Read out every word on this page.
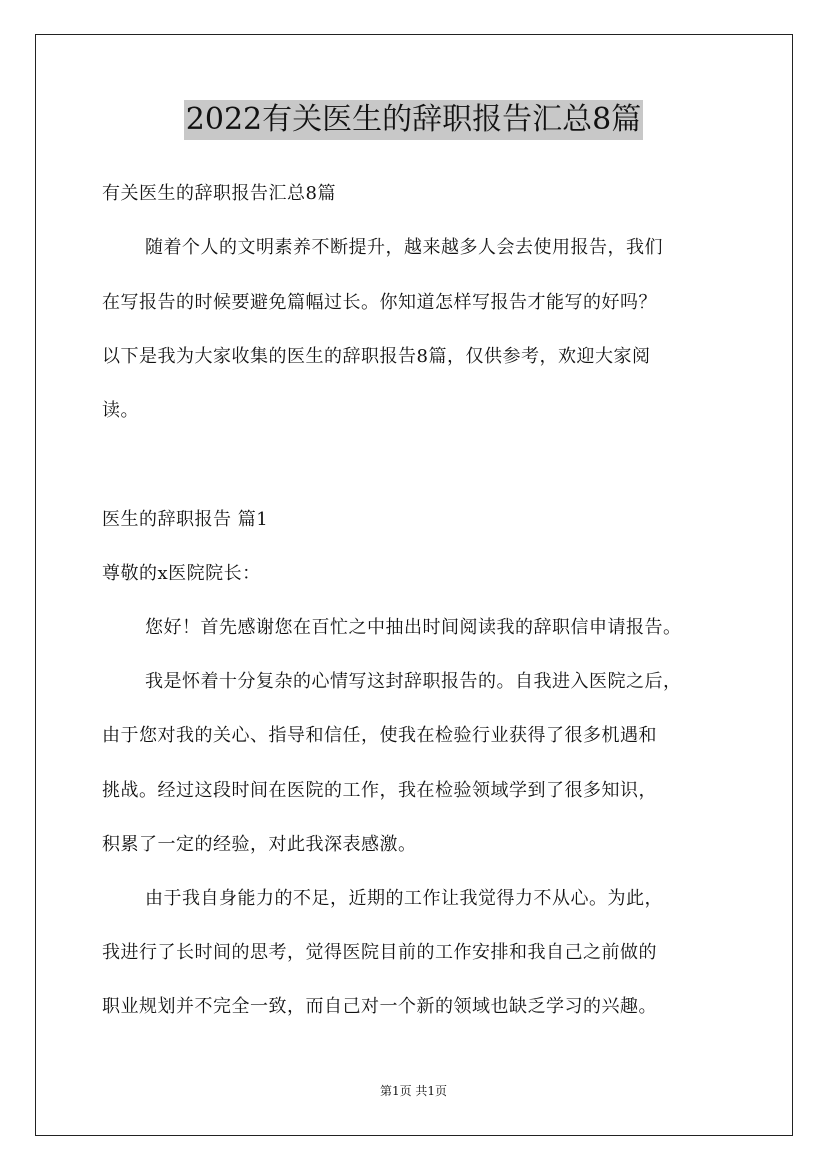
2022有关医生的辞职报告汇总8篇
有关医生的辞职报告汇总8篇
随着个人的文明素养不断提升，越来越多人会去使用报告，我们
在写报告的时候要避免篇幅过长。你知道怎样写报告才能写的好吗？
以下是我为大家收集的医生的辞职报告8篇，仅供参考，欢迎大家阅
读。
医生的辞职报告 篇1
尊敬的x医院院长：
您好！首先感谢您在百忙之中抽出时间阅读我的辞职信申请报告。
我是怀着十分复杂的心情写这封辞职报告的。自我进入医院之后，
由于您对我的关心、指导和信任，使我在检验行业获得了很多机遇和
挑战。经过这段时间在医院的工作，我在检验领域学到了很多知识，
积累了一定的经验，对此我深表感激。
由于我自身能力的不足，近期的工作让我觉得力不从心。为此，
我进行了长时间的思考，觉得医院目前的工作安排和我自己之前做的
职业规划并不完全一致，而自己对一个新的领域也缺乏学习的兴趣。
第1页 共1页
